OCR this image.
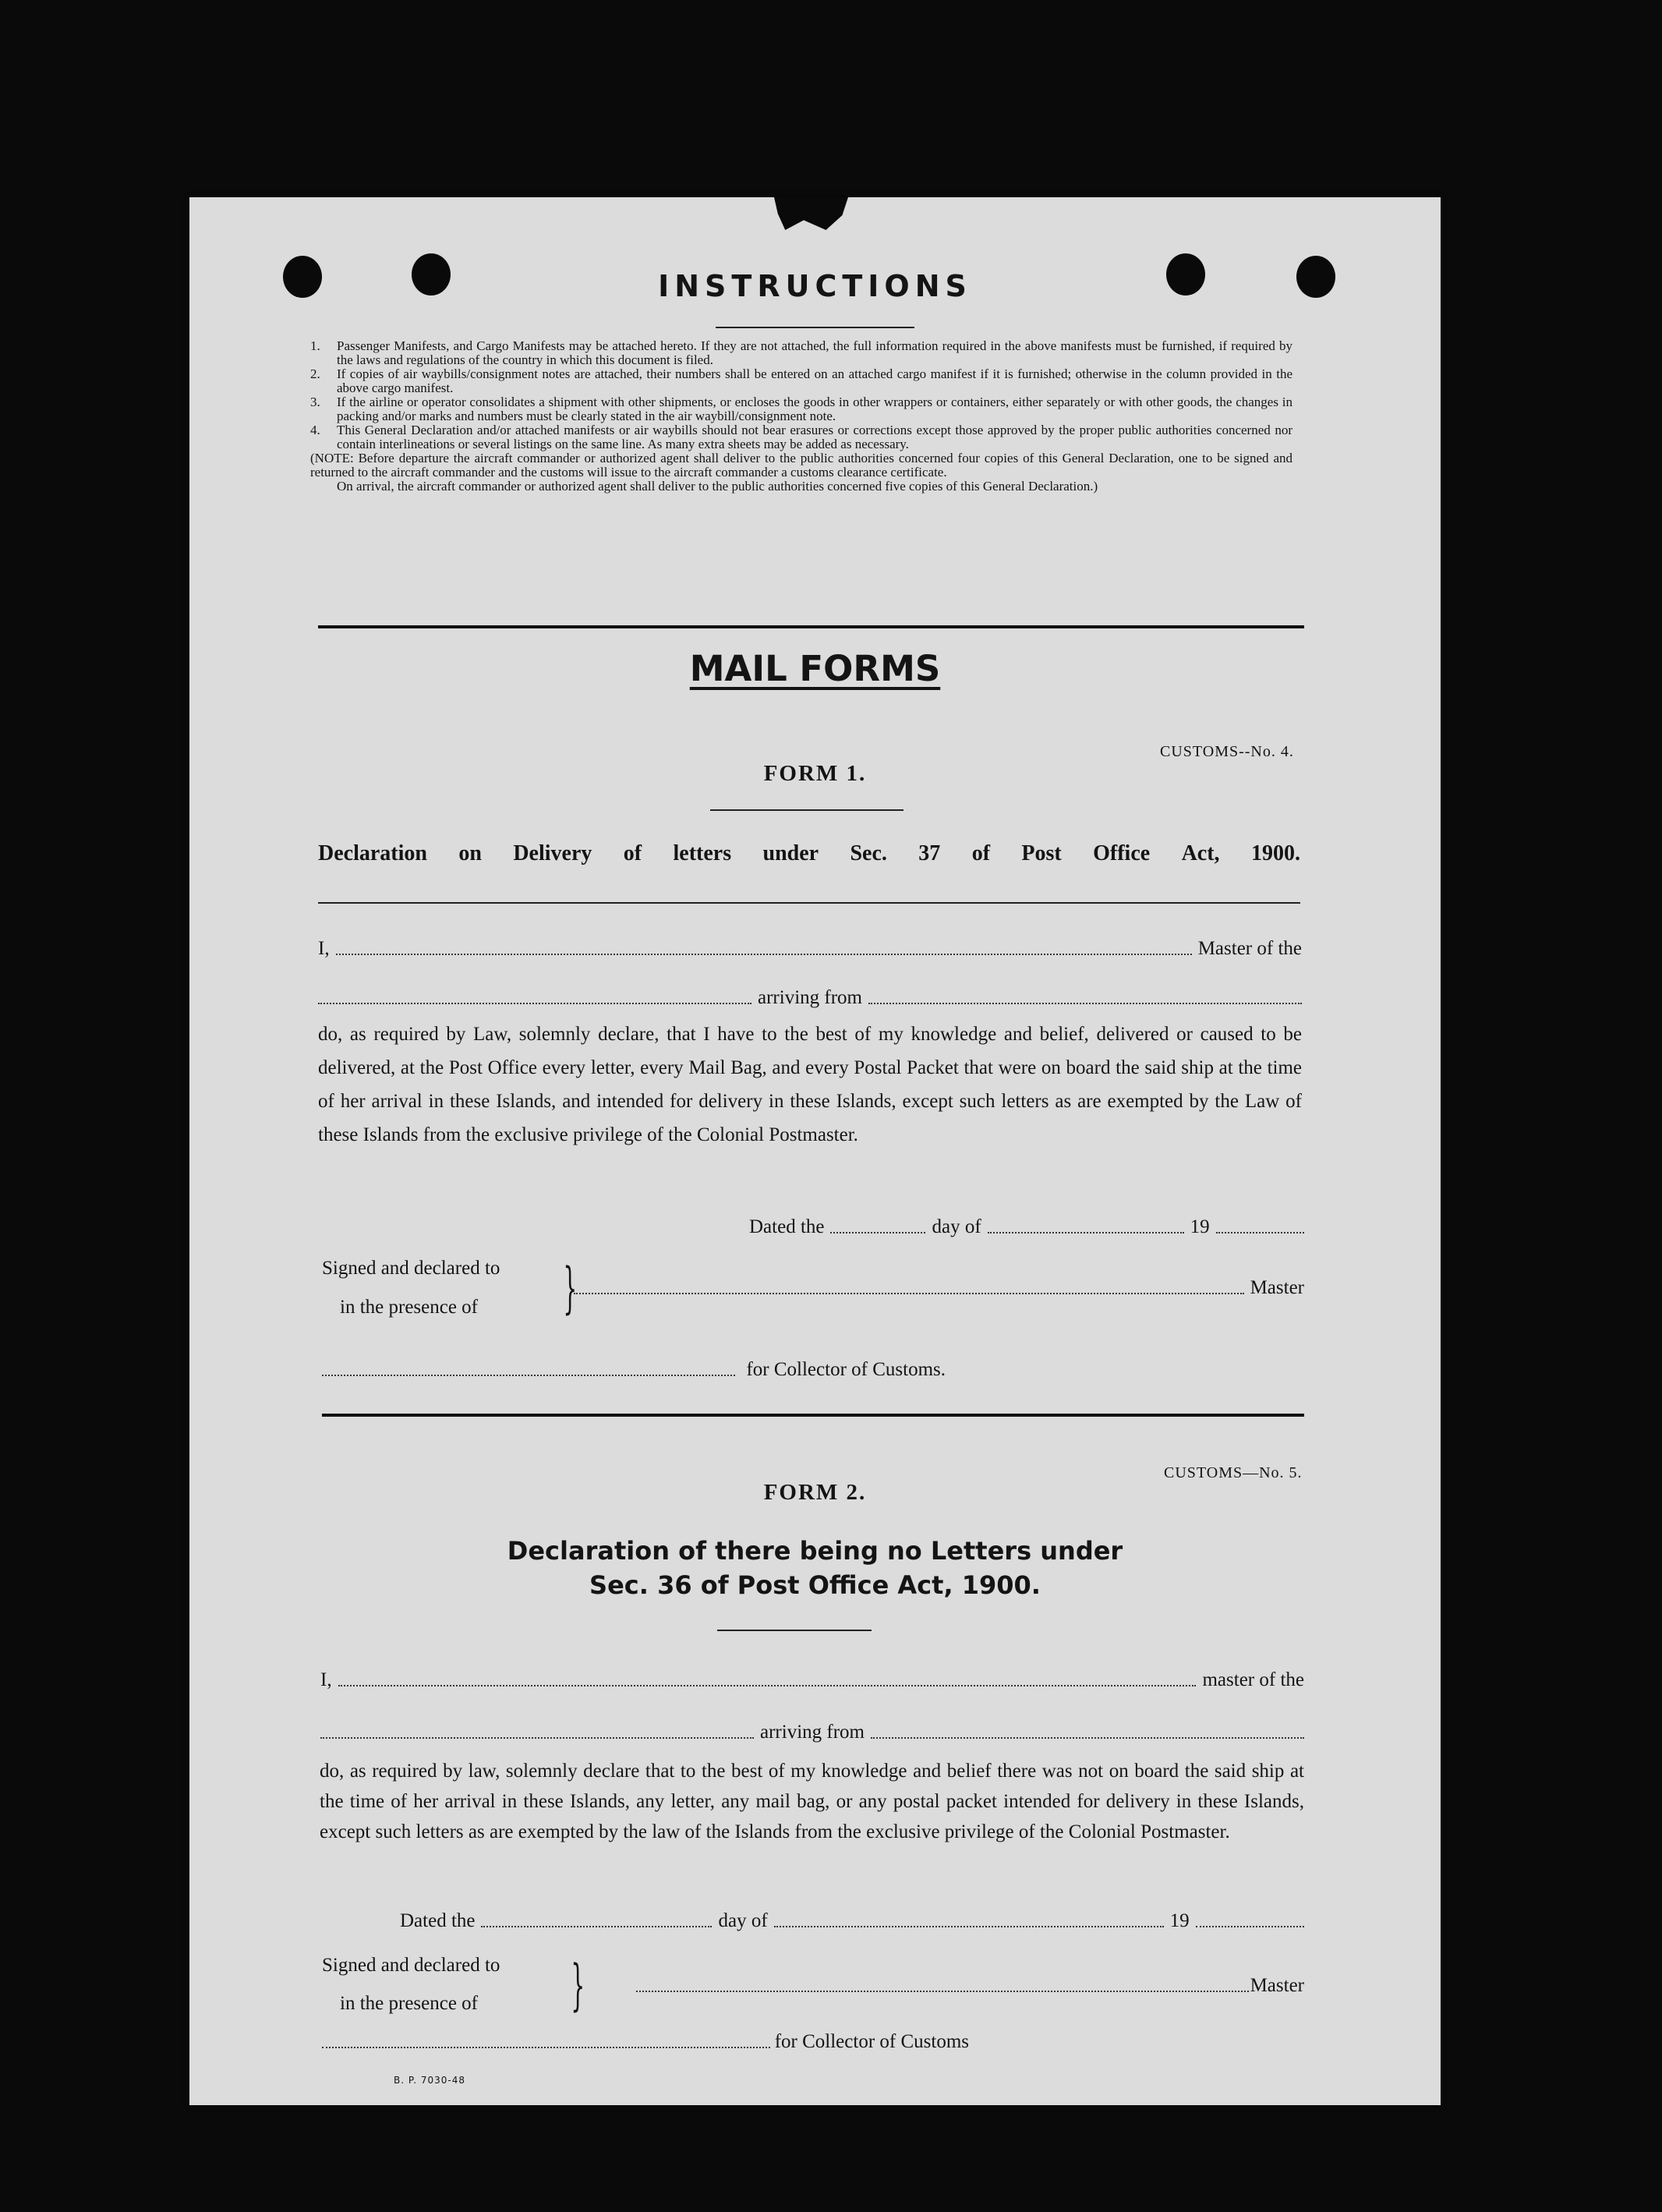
INSTRUCTIONS
1.	Passenger Manifests, and Cargo Manifests may be attached hereto. If they are not attached, the full information required in the above manifests must be furnished, if required by the laws and regulations of the country in which this document is filed.
2.	If copies of air waybills/consignment notes are attached, their numbers shall be entered on an attached cargo manifest if it is furnished; otherwise in the column provided in the above cargo manifest.
3.	If the airline or operator consolidates a shipment with other shipments, or encloses the goods in other wrappers or containers, either separately or with other goods, the changes in packing and/or marks and numbers must be clearly stated in the air waybill/consignment note.
4.	This General Declaration and/or attached manifests or air waybills should not bear erasures or corrections except those approved by the proper public authorities concerned nor contain interlineations or several listings on the same line. As many extra sheets may be added as necessary.
(NOTE: Before departure the aircraft commander or authorized agent shall deliver to the public authorities concerned four copies of this General Declaration, one to be signed and returned to the aircraft commander and the customs will issue to the aircraft commander a customs clearance certificate.
On arrival, the aircraft commander or authorized agent shall deliver to the public authorities concerned five copies of this General Declaration.)
MAIL FORMS
CUSTOMS--No. 4.
FORM 1.
Declaration on Delivery of letters under Sec. 37 of Post Office Act, 1900.
I,	Master of the
arriving from
do, as required by Law, solemnly declare, that I have to the best of my knowledge and belief, delivered or caused to be delivered, at the Post Office every letter, every Mail Bag, and every Postal Packet that were on board the said ship at the time of her arrival in these Islands, and intended for delivery in these Islands, except such letters as are exempted by the Law of these Islands from the exclusive privilege of the Colonial Postmaster.
Dated the	day of	19
Signed and declared to
in the presence of }	Master
for Collector of Customs.
CUSTOMS—No. 5.
FORM 2.
Declaration of there being no Letters under
Sec. 36 of Post Office Act, 1900.
I,	master of the
arriving from
do, as required by law, solemnly declare that to the best of my knowledge and belief there was not on board the said ship at the time of her arrival in these Islands, any letter, any mail bag, or any postal packet intended for delivery in these Islands, except such letters as are exempted by the law of the Islands from the exclusive privilege of the Colonial Postmaster.
Dated the	day of	19
Signed and declared to
in the presence of }	Master
for Collector of Customs
B. P. 7030-48
